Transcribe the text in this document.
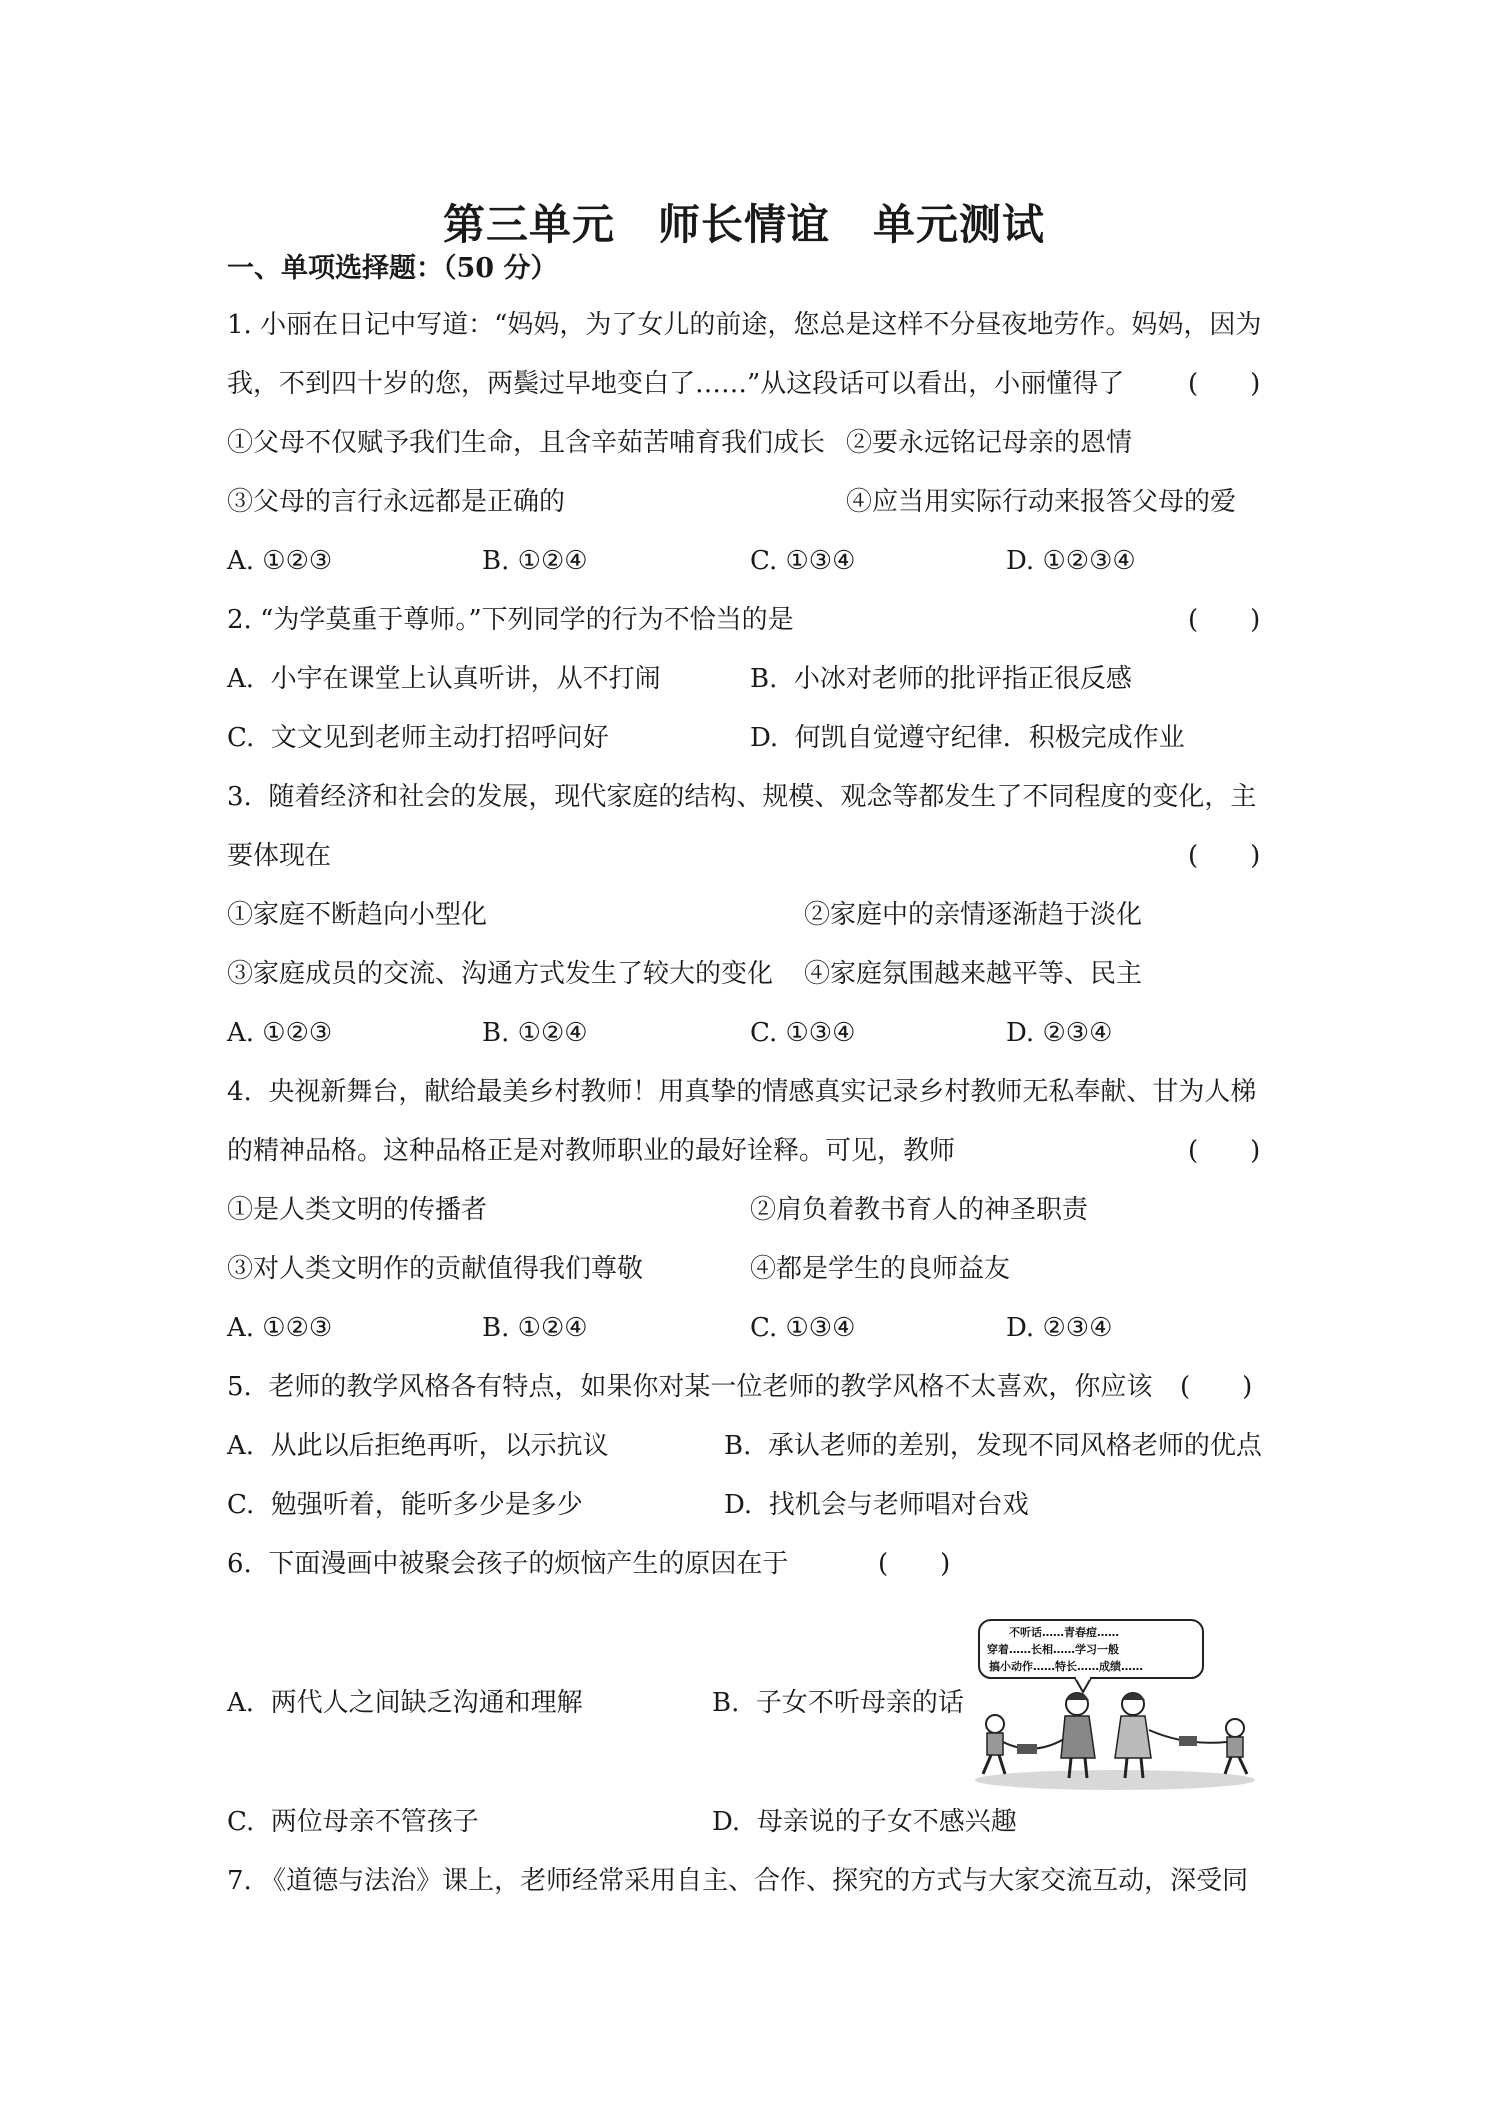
第三单元　师长情谊　单元测试
一、单项选择题：（50 分）
1. 小丽在日记中写道：“妈妈，为了女儿的前途，您总是这样不分昼夜地劳作。妈妈，因为
我，不到四十岁的您，两鬓过早地变白了……”从这段话可以看出，小丽懂得了 (　　)
①父母不仅赋予我们生命，且含辛茹苦哺育我们成长 ②要永远铭记母亲的恩情
③父母的言行永远都是正确的	④应当用实际行动来报答父母的爱
A. ①②③	B. ①②④	C. ①③④	D. ①②③④
2. “为学莫重于尊师。”下列同学的行为不恰当的是	(　　)
A.  小宇在课堂上认真听讲，从不打闹	B.  小冰对老师的批评指正很反感
C.  文文见到老师主动打招呼问好	D.  何凯自觉遵守纪律．积极完成作业
3.  随着经济和社会的发展，现代家庭的结构、规模、观念等都发生了不同程度的变化，主
要体现在	(　　)
①家庭不断趋向小型化	②家庭中的亲情逐渐趋于淡化
③家庭成员的交流、沟通方式发生了较大的变化 ④家庭氛围越来越平等、民主
A. ①②③	B. ①②④	C. ①③④	D. ②③④
4.  央视新舞台，献给最美乡村教师！用真挚的情感真实记录乡村教师无私奉献、甘为人梯
的精神品格。这种品格正是对教师职业的最好诠释。可见，教师	(　　)
①是人类文明的传播者	②肩负着教书育人的神圣职责
③对人类文明作的贡献值得我们尊敬	④都是学生的良师益友
A. ①②③	B. ①②④	C. ①③④	D. ②③④
5.  老师的教学风格各有特点，如果你对某一位老师的教学风格不太喜欢，你应该 (　　)
A.  从此以后拒绝再听，以示抗议	B.  承认老师的差别，发现不同风格老师的优点
C.  勉强听着，能听多少是多少	D.  找机会与老师唱对台戏
6.  下面漫画中被聚会孩子的烦恼产生的原因在于	(　　)
A.  两代人之间缺乏沟通和理解	B.  子女不听母亲的话
不听话……青春痘……
穿着……长相……学习一般
搞小动作……特长……成绩……
C.  两位母亲不管孩子	D.  母亲说的子女不感兴趣
7. 《道德与法治》课上，老师经常采用自主、合作、探究的方式与大家交流互动，深受同
